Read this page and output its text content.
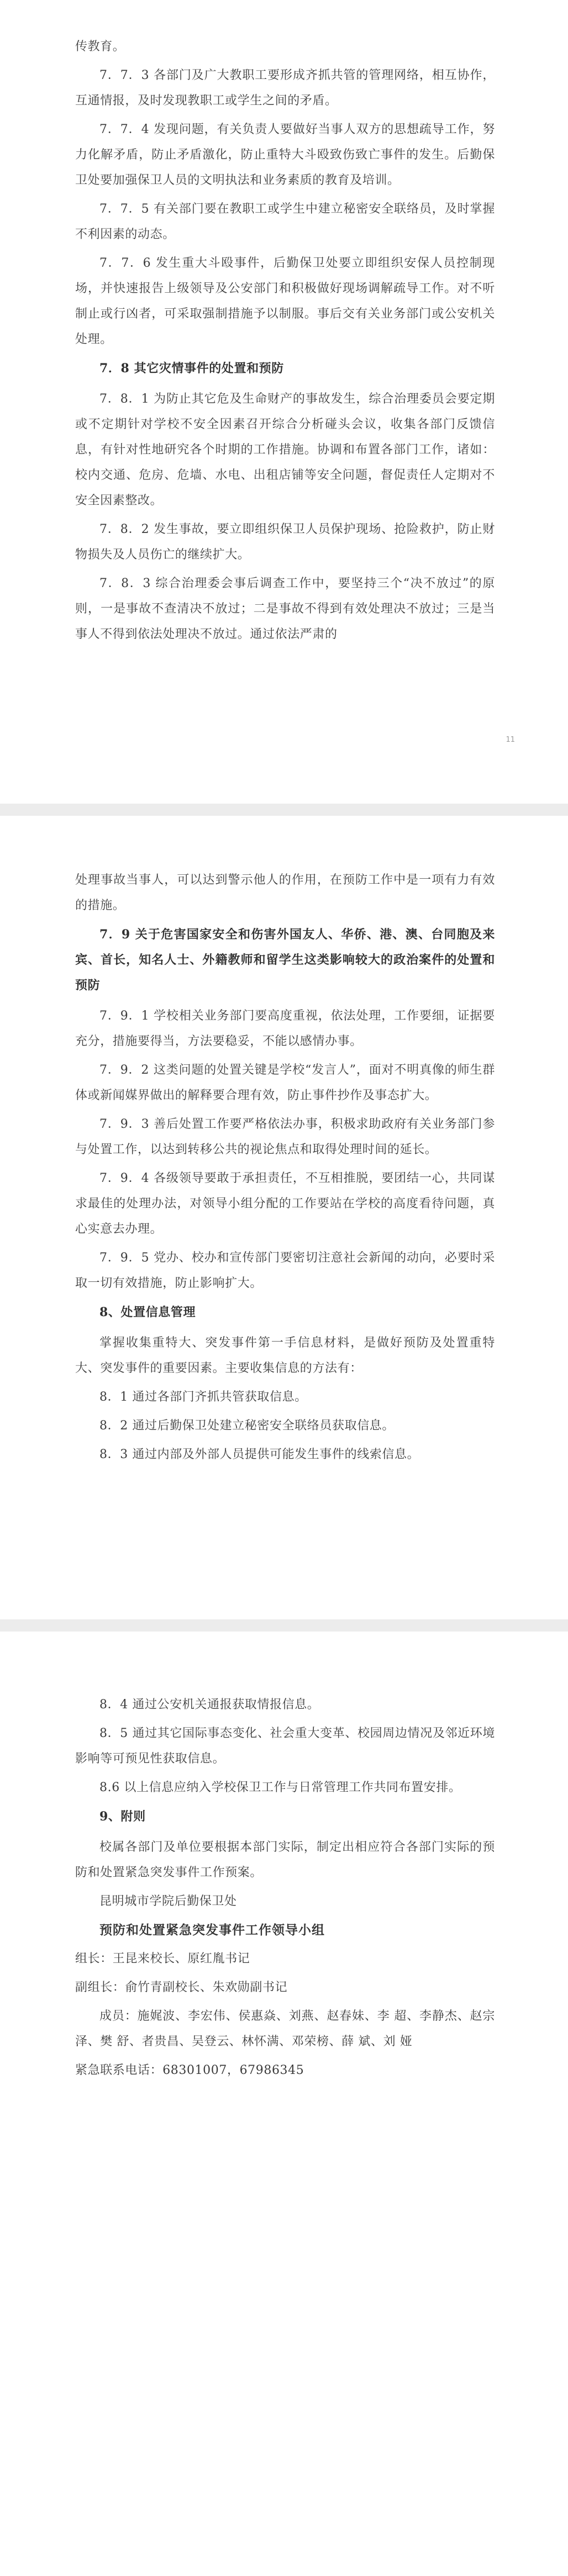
传教育。

7．7．3 各部门及广大教职工要形成齐抓共管的管理网络，相互协作，互通情报，及时发现教职工或学生之间的矛盾。

7．7．4 发现问题，有关负责人要做好当事人双方的思想疏导工作，努力化解矛盾，防止矛盾激化，防止重特大斗殴致伤致亡事件的发生。后勤保卫处要加强保卫人员的文明执法和业务素质的教育及培训。

7．7．5 有关部门要在教职工或学生中建立秘密安全联络员，及时掌握不利因素的动态。

7．7．6 发生重大斗殴事件，后勤保卫处要立即组织安保人员控制现场，并快速报告上级领导及公安部门和积极做好现场调解疏导工作。对不听制止或行凶者，可采取强制措施予以制服。事后交有关业务部门或公安机关处理。

7．8 其它灾情事件的处置和预防

7．8．1 为防止其它危及生命财产的事故发生，综合治理委员会要定期或不定期针对学校不安全因素召开综合分析碰头会议，收集各部门反馈信息，有针对性地研究各个时期的工作措施。协调和布置各部门工作，诸如：校内交通、危房、危墙、水电、出租店铺等安全问题，督促责任人定期对不安全因素整改。

7．8．2 发生事故，要立即组织保卫人员保护现场、抢险救护，防止财物损失及人员伤亡的继续扩大。

7．8．3 综合治理委会事后调查工作中，要坚持三个“决不放过”的原则，一是事故不查清决不放过；二是事故不得到有效处理决不放过；三是当事人不得到依法处理决不放过。通过依法严肃的

11

处理事故当事人，可以达到警示他人的作用，在预防工作中是一项有力有效的措施。

7．9 关于危害国家安全和伤害外国友人、华侨、港、澳、台同胞及来宾、首长，知名人士、外籍教师和留学生这类影响较大的政治案件的处置和预防

7．9．1 学校相关业务部门要高度重视，依法处理，工作要细，证据要充分，措施要得当，方法要稳妥，不能以感情办事。

7．9．2 这类问题的处置关键是学校“发言人”，面对不明真像的师生群体或新闻媒界做出的解释要合理有效，防止事件抄作及事态扩大。

7．9．3 善后处置工作要严格依法办事，积极求助政府有关业务部门参与处置工作，以达到转移公共的视论焦点和取得处理时间的延长。

7．9．4 各级领导要敢于承担责任，不互相推脱，要团结一心，共同谋求最佳的处理办法，对领导小组分配的工作要站在学校的高度看待问题，真心实意去办理。

7．9．5 党办、校办和宣传部门要密切注意社会新闻的动向，必要时采取一切有效措施，防止影响扩大。

8、处置信息管理

掌握收集重特大、突发事件第一手信息材料，是做好预防及处置重特大、突发事件的重要因素。主要收集信息的方法有：

8．1 通过各部门齐抓共管获取信息。

8．2 通过后勤保卫处建立秘密安全联络员获取信息。

8．3 通过内部及外部人员提供可能发生事件的线索信息。

8．4 通过公安机关通报获取情报信息。

8．5 通过其它国际事态变化、社会重大变革、校园周边情况及邻近环境影响等可预见性获取信息。

8.6 以上信息应纳入学校保卫工作与日常管理工作共同布置安排。

9、附则

校属各部门及单位要根据本部门实际，制定出相应符合各部门实际的预防和处置紧急突发事件工作预案。

昆明城市学院后勤保卫处

预防和处置紧急突发事件工作领导小组

组长：王昆来校长、原红胤书记

副组长：俞竹青副校长、朱欢勋副书记

成员：施娓波、李宏伟、侯惠焱、刘燕、赵春妹、李 超、李静杰、赵宗泽、樊 舒、者贵昌、吴登云、林怀满、邓荣榜、薛 斌、刘 娅

紧急联系电话：68301007，67986345
